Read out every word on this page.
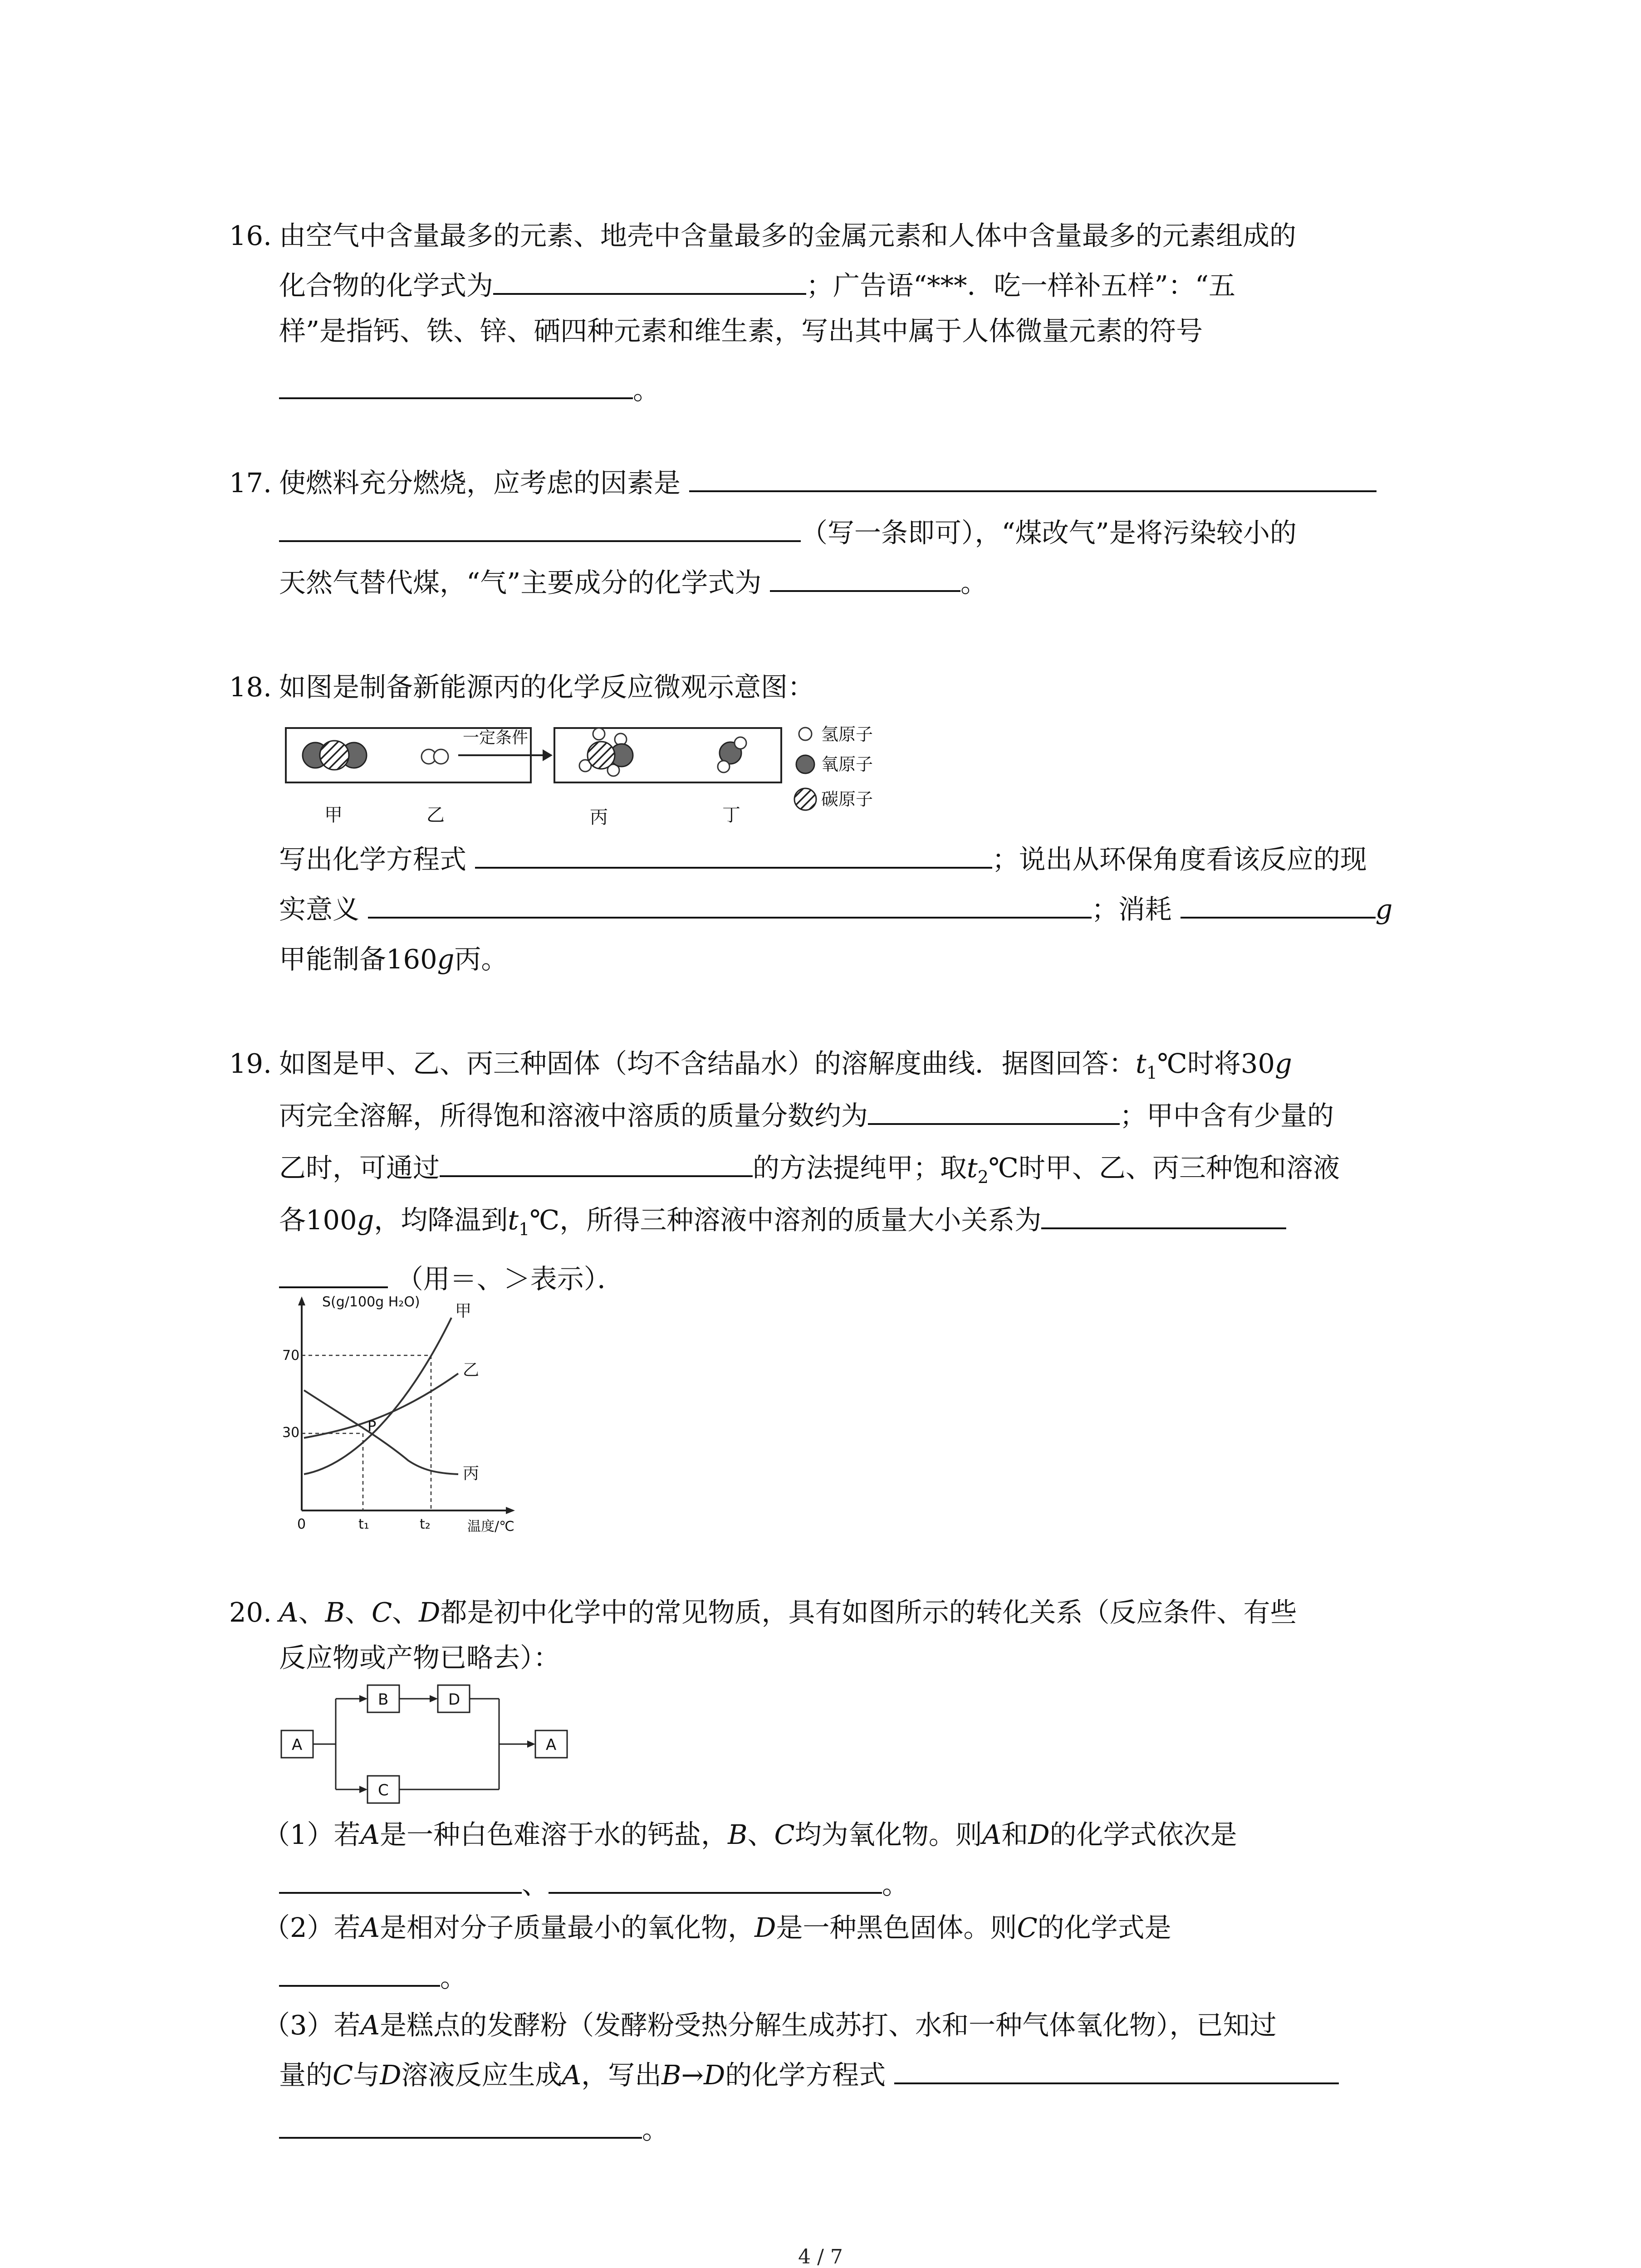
16. 由空气中含量最多的元素、地壳中含量最多的金属元素和人体中含量最多的元素组成的
化合物的化学式为	；广告语“***．吃一样补五样”：“五
样”是指钙、铁、锌、硒四种元素和维生素，写出其中属于人体微量元素的符号
。
17. 使燃料充分燃烧，应考虑的因素是
（写一条即可），“煤改气”是将污染较小的
天然气替代煤，“气”主要成分的化学式为	。
18. 如图是制备新能源丙的化学反应微观示意图：
一定条件
甲	乙	丙	丁
氢原子
氧原子
碳原子
写出化学方程式	；说出从环保角度看该反应的现
实意义	；消耗	g
甲能制备160g丙。
19. 如图是甲、乙、丙三种固体（均不含结晶水）的溶解度曲线．据图回答：$t_1℃$时将30g
丙完全溶解，所得饱和溶液中溶质的质量分数约为	；甲中含有少量的
乙时，可通过	的方法提纯甲；取$t_2℃$时甲、乙、丙三种饱和溶液
各100g，均降温到$t_1℃$，所得三种溶液中溶剂的质量大小关系为
（用＝、＞表示）．
S(g/100g H₂O)
温度/℃
70
30
0	t₁	t₂
甲
乙
丙
P
20. A、B、C、D都是初中化学中的常见物质，具有如图所示的转化关系（反应条件、有些
反应物或产物已略去）：
A
B	D
C
A
（1）若A是一种白色难溶于水的钙盐，B、C均为氧化物。则A和D的化学式依次是
、	。
（2）若A是相对分子质量最小的氧化物，D是一种黑色固体。则C的化学式是
。
（3）若A是糕点的发酵粉（发酵粉受热分解生成苏打、水和一种气体氧化物），已知过
量的C与D溶液反应生成A，写出B→D的化学方程式
。
4 / 7
